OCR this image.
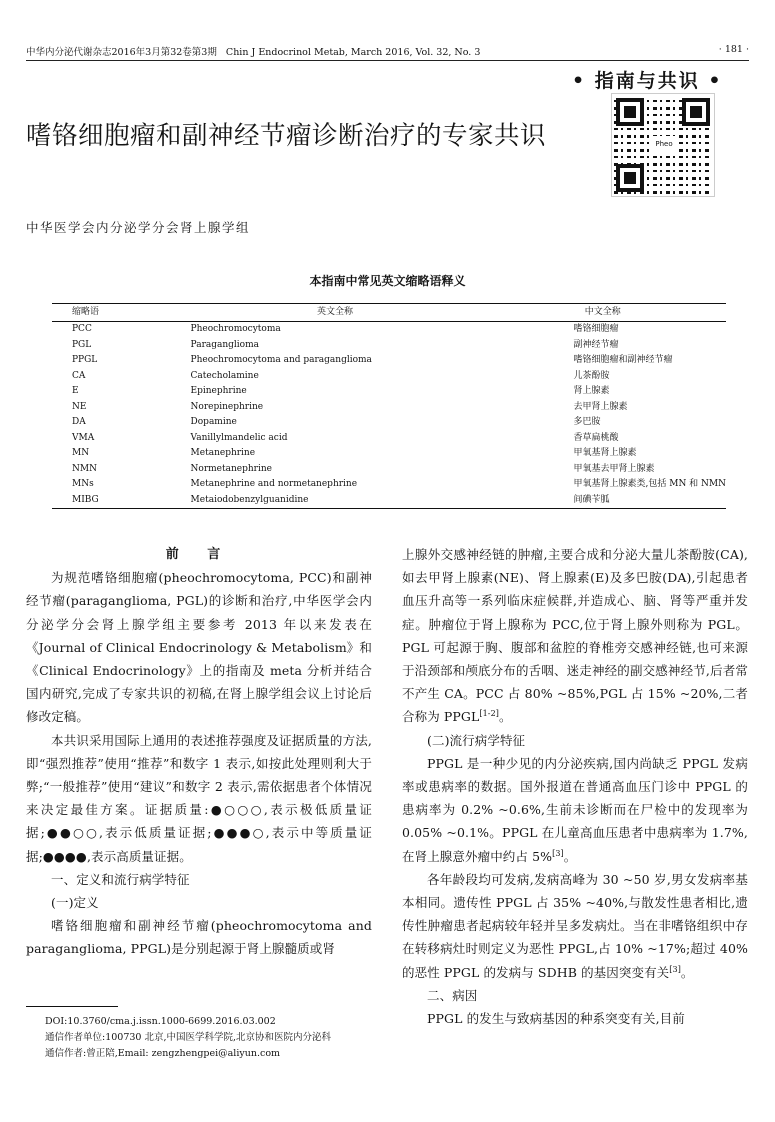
中华内分泌代谢杂志2016年3月第32卷第3期 Chin J Endocrinol Metab, March 2016, Vol. 32, No. 3	· 181 ·
• 指南与共识 •
Pheo
嗜铬细胞瘤和副神经节瘤诊断治疗的专家共识
中华医学会内分泌学分会肾上腺学组
本指南中常见英文缩略语释义
缩略语	英文全称	中文全称
PCC	Pheochromocytoma	嗜铬细胞瘤
PGL	Paraganglioma	副神经节瘤
PPGL	Pheochromocytoma and paraganglioma	嗜铬细胞瘤和副神经节瘤
CA	Catecholamine	儿茶酚胺
E	Epinephrine	肾上腺素
NE	Norepinephrine	去甲肾上腺素
DA	Dopamine	多巴胺
VMA	Vanillylmandelic acid	香草扁桃酸
MN	Metanephrine	甲氧基肾上腺素
NMN	Normetanephrine	甲氧基去甲肾上腺素
MNs	Metanephrine and normetanephrine	甲氧基肾上腺素类,包括 MN 和 NMN
MIBG	Metaiodobenzylguanidine	间碘苄胍

前 言

为规范嗜铬细胞瘤(pheochromocytoma, PCC)和副神经节瘤(paraganglioma, PGL)的诊断和治疗,中华医学会内分泌学分会肾上腺学组主要参考 2013 年以来发表在《Journal of Clinical Endocrinology & Metabolism》和《Clinical Endocrinology》上的指南及 meta 分析并结合国内研究,完成了专家共识的初稿,在肾上腺学组会议上讨论后修改定稿。

本共识采用国际上通用的表述推荐强度及证据质量的方法,即“强烈推荐”使用“推荐”和数字 1 表示,如按此处理则利大于弊;“一般推荐”使用“建议”和数字 2 表示,需依据患者个体情况来决定最佳方案。证据质量:●○○○,表示极低质量证据;●●○○,表示低质量证据;●●●○,表示中等质量证据;●●●●,表示高质量证据。

一、定义和流行病学特征

(一)定义

嗜铬细胞瘤和副神经节瘤(pheochromocytoma and paraganglioma, PPGL)是分别起源于肾上腺髓质或肾

上腺外交感神经链的肿瘤,主要合成和分泌大量儿茶酚胺(CA),如去甲肾上腺素(NE)、肾上腺素(E)及多巴胺(DA),引起患者血压升高等一系列临床症候群,并造成心、脑、肾等严重并发症。肿瘤位于肾上腺称为 PCC,位于肾上腺外则称为 PGL。PGL 可起源于胸、腹部和盆腔的脊椎旁交感神经链,也可来源于沿颈部和颅底分布的舌咽、迷走神经的副交感神经节,后者常不产生 CA。PCC 占 80% ~85%,PGL 占 15% ~20%,二者合称为 PPGL[1-2]。

(二)流行病学特征

PPGL 是一种少见的内分泌疾病,国内尚缺乏 PPGL 发病率或患病率的数据。国外报道在普通高血压门诊中 PPGL 的患病率为 0.2% ~0.6%,生前未诊断而在尸检中的发现率为 0.05% ~0.1%。PPGL 在儿童高血压患者中患病率为 1.7%,在肾上腺意外瘤中约占 5%[3]。

各年龄段均可发病,发病高峰为 30 ~50 岁,男女发病率基本相同。遗传性 PPGL 占 35% ~40%,与散发性患者相比,遗传性肿瘤患者起病较年轻并呈多发病灶。当在非嗜铬组织中存在转移病灶时则定义为恶性 PPGL,占 10% ~17%;超过 40% 的恶性 PPGL 的发病与 SDHB 的基因突变有关[3]。

二、病因

PPGL 的发生与致病基因的种系突变有关,目前

DOI:10.3760/cma.j.issn.1000-6699.2016.03.002

通信作者单位:100730 北京,中国医学科学院,北京协和医院内分泌科

通信作者:曾正陪,Email: zengzhengpei@aliyun.com
